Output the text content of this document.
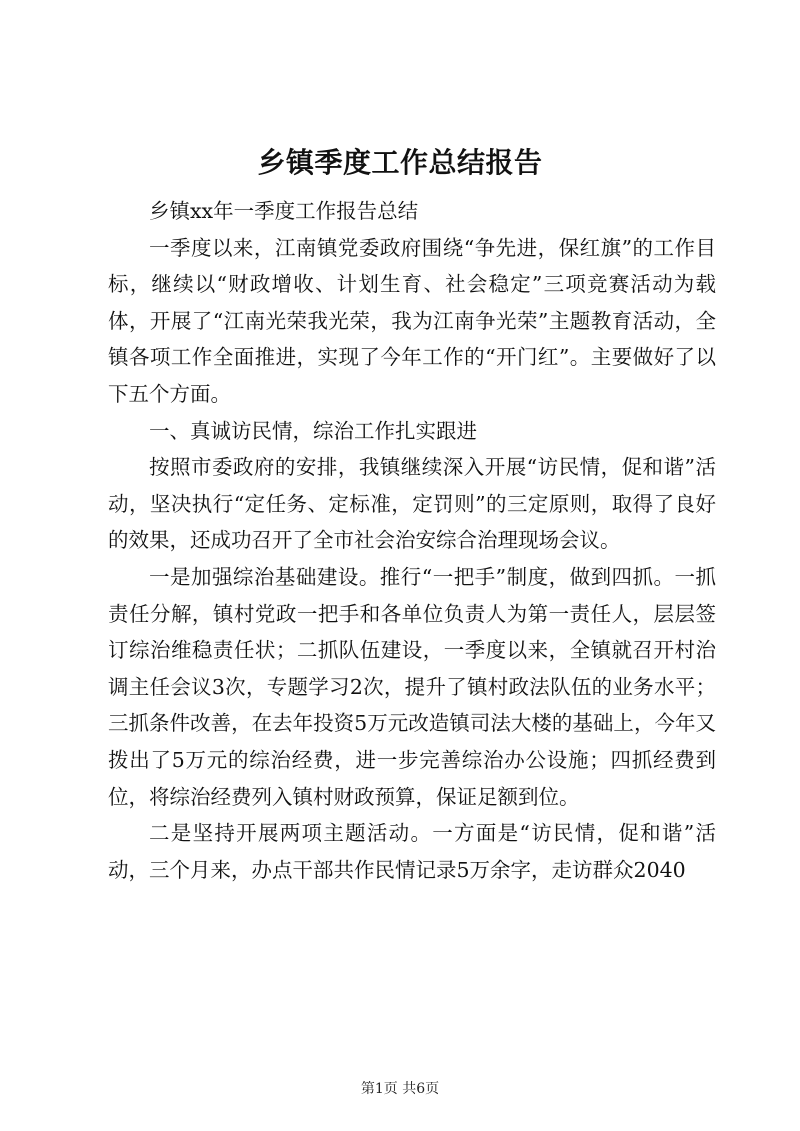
乡镇季度工作总结报告

乡镇xx年一季度工作报告总结

一季度以来，江南镇党委政府围绕“争先进，保红旗”的工作目标，继续以“财政增收、计划生育、社会稳定”三项竞赛活动为载体，开展了“江南光荣我光荣，我为江南争光荣”主题教育活动，全镇各项工作全面推进，实现了今年工作的“开门红”。主要做好了以下五个方面。

一、真诚访民情，综治工作扎实跟进

按照市委政府的安排，我镇继续深入开展“访民情，促和谐”活动，坚决执行“定任务、定标准，定罚则”的三定原则，取得了良好的效果，还成功召开了全市社会治安综合治理现场会议。

一是加强综治基础建设。推行“一把手”制度，做到四抓。一抓责任分解，镇村党政一把手和各单位负责人为第一责任人，层层签订综治维稳责任状；二抓队伍建设，一季度以来，全镇就召开村治调主任会议3次，专题学习2次，提升了镇村政法队伍的业务水平；三抓条件改善，在去年投资5万元改造镇司法大楼的基础上，今年又拨出了5万元的综治经费，进一步完善综治办公设施；四抓经费到位，将综治经费列入镇村财政预算，保证足额到位。

二是坚持开展两项主题活动。一方面是“访民情，促和谐”活动，三个月来，办点干部共作民情记录5万余字，走访群众2040

第1页 共6页
